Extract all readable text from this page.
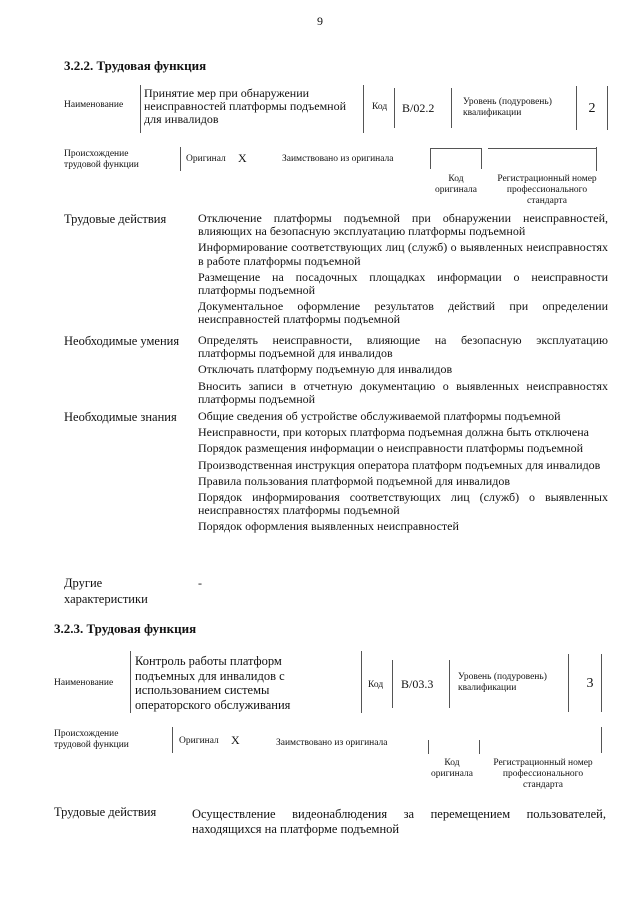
9
3.2.2. Трудовая функция
Наименование
Принятие мер при обнаружении неисправностей платформы подъемной для инвалидов
Код В/02.2	Уровень (подуровень) квалификации	2
Происхождение трудовой функции
Оригинал Х	Заимствовано из оригинала
Код оригинала
Регистрационный номер профессионального стандарта
Трудовые действия	Отключение платформы подъемной при обнаружении неисправностей, влияющих на безопасную эксплуатацию платформы подъемной
Информирование соответствующих лиц (служб) о выявленных неисправностях в работе платформы подъемной
Размещение на посадочных площадках информации о неисправности платформы подъемной
Документальное оформление результатов действий при определении неисправностей платформы подъемной
Необходимые умения Определять неисправности, влияющие на безопасную эксплуатацию платформы подъемной для инвалидов
Отключать платформу подъемную для инвалидов
Вносить записи в отчетную документацию о выявленных неисправностях платформы подъемной
Необходимые знания Общие сведения об устройстве обслуживаемой платформы подъемной
Неисправности, при которых платформа подъемная должна быть отключена
Порядок размещения информации о неисправности платформы подъемной
Производственная инструкция оператора платформ подъемных для инвалидов
Правила пользования платформой подъемной для инвалидов
Порядок информирования соответствующих лиц (служб) о выявленных неисправностях платформы подъемной
Порядок оформления выявленных неисправностей
Другие характеристики
-
3.2.3. Трудовая функция
Наименование
Контроль работы платформ подъемных для инвалидов с использованием системы операторского обслуживания
Код В/03.3	Уровень (подуровень) квалификации	3
Происхождение трудовой функции	Оригинал Х	Заимствовано из оригинала
Код оригинала
Регистрационный номер профессионального стандарта
Трудовые действия	Осуществление видеонаблюдения за перемещением пользователей, находящихся на платформе подъемной
